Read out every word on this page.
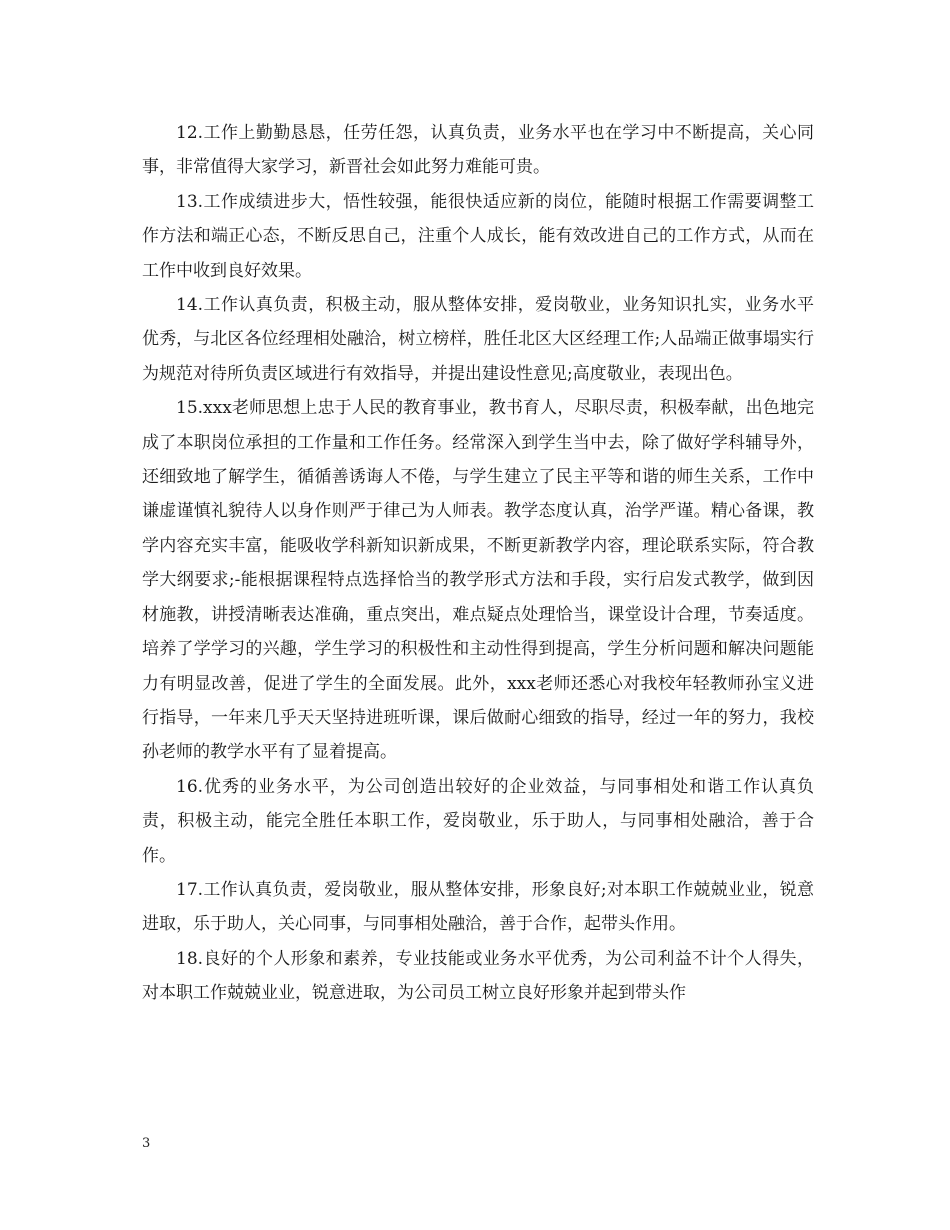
12.工作上勤勤恳恳，任劳任怨，认真负责，业务水平也在学习中不断提高，关心同事，非常值得大家学习，新晋社会如此努力难能可贵。

13.工作成绩进步大，悟性较强，能很快适应新的岗位，能随时根据工作需要调整工作方法和端正心态，不断反思自己，注重个人成长，能有效改进自己的工作方式，从而在工作中收到良好效果。

14.工作认真负责，积极主动，服从整体安排，爱岗敬业，业务知识扎实，业务水平优秀，与北区各位经理相处融洽，树立榜样，胜任北区大区经理工作;人品端正做事塌实行为规范对待所负责区域进行有效指导，并提出建设性意见;高度敬业，表现出色。

15.xxx老师思想上忠于人民的教育事业，教书育人，尽职尽责，积极奉献，出色地完成了本职岗位承担的工作量和工作任务。经常深入到学生当中去，除了做好学科辅导外，还细致地了解学生，循循善诱诲人不倦，与学生建立了民主平等和谐的师生关系，工作中谦虚谨慎礼貌待人以身作则严于律己为人师表。教学态度认真，治学严谨。精心备课，教学内容充实丰富，能吸收学科新知识新成果，不断更新教学内容，理论联系实际，符合教学大纲要求;-能根据课程特点选择恰当的教学形式方法和手段，实行启发式教学，做到因材施教，讲授清晰表达准确，重点突出，难点疑点处理恰当，课堂设计合理，节奏适度。培养了学学习的兴趣，学生学习的积极性和主动性得到提高，学生分析问题和解决问题能力有明显改善，促进了学生的全面发展。此外，xxx老师还悉心对我校年轻教师孙宝义进行指导，一年来几乎天天坚持进班听课，课后做耐心细致的指导，经过一年的努力，我校孙老师的教学水平有了显着提高。

16.优秀的业务水平，为公司创造出较好的企业效益，与同事相处和谐工作认真负责，积极主动，能完全胜任本职工作，爱岗敬业，乐于助人，与同事相处融洽，善于合作。

17.工作认真负责，爱岗敬业，服从整体安排，形象良好;对本职工作兢兢业业，锐意进取，乐于助人，关心同事，与同事相处融洽，善于合作，起带头作用。

18.良好的个人形象和素养，专业技能或业务水平优秀，为公司利益不计个人得失，对本职工作兢兢业业，锐意进取，为公司员工树立良好形象并起到带头作

3
